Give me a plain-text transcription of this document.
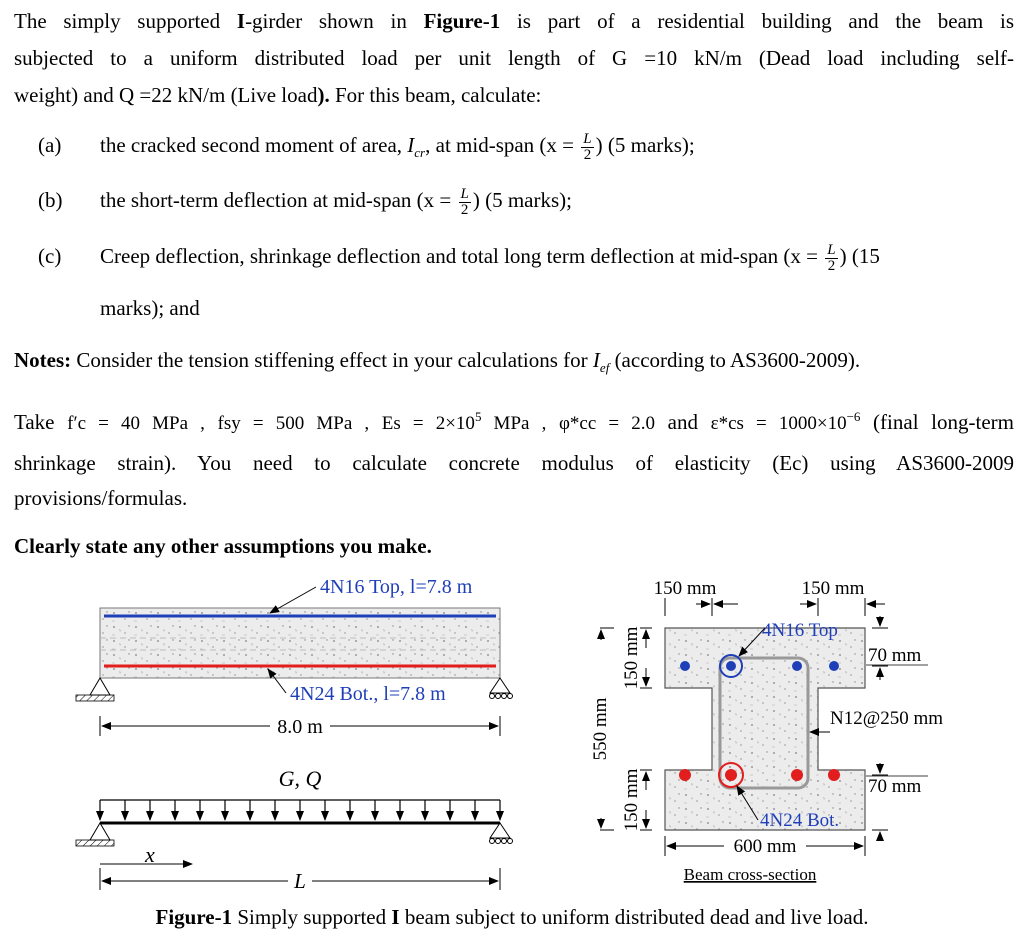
The simply supported I-girder shown in Figure-1 is part of a residential building and the beam is
subjected to a uniform distributed load per unit length of G =10 kN/m (Dead load including self-
weight) and Q =22 kN/m (Live load). For this beam, calculate:
(a) the cracked second moment of area, $I_{cr}$, at mid-span ($x = \frac{L}{2}$ ) (5 marks);
(b) the short-term deflection at mid-span ($x = \frac{L}{2}$ ) (5 marks);
(c) Creep deflection, shrinkage deflection and total long term deflection at mid-span ($x = \frac{L}{2}$ ) (15
marks); and
Notes: Consider the tension stiffening effect in your calculations for $I_{ef}$ (according to AS3600-2009).
Take f′c = 40 MPa , fsy = 500 MPa , $Es = 2\times 10^5$ MPa , φ*cc = 2.0 and $\varepsilon*cs = 1000\times 10^{-6}$ (final long-term
shrinkage strain). You need to calculate concrete modulus of elasticity (Ec) using AS3600-2009
provisions/formulas.
Clearly state any other assumptions you make.
4N16 Top, l=7.8 m
4N24 Bot., l=7.8 m
8.0 m
G, Q
x
L
150 mm	150 mm
550 mm
150 mm
150 mm
4N16 Top
70 mm
N12@250 mm
70 mm
4N24 Bot.
600 mm
Beam cross-section
Figure-1 Simply supported I beam subject to uniform distributed dead and live load.
